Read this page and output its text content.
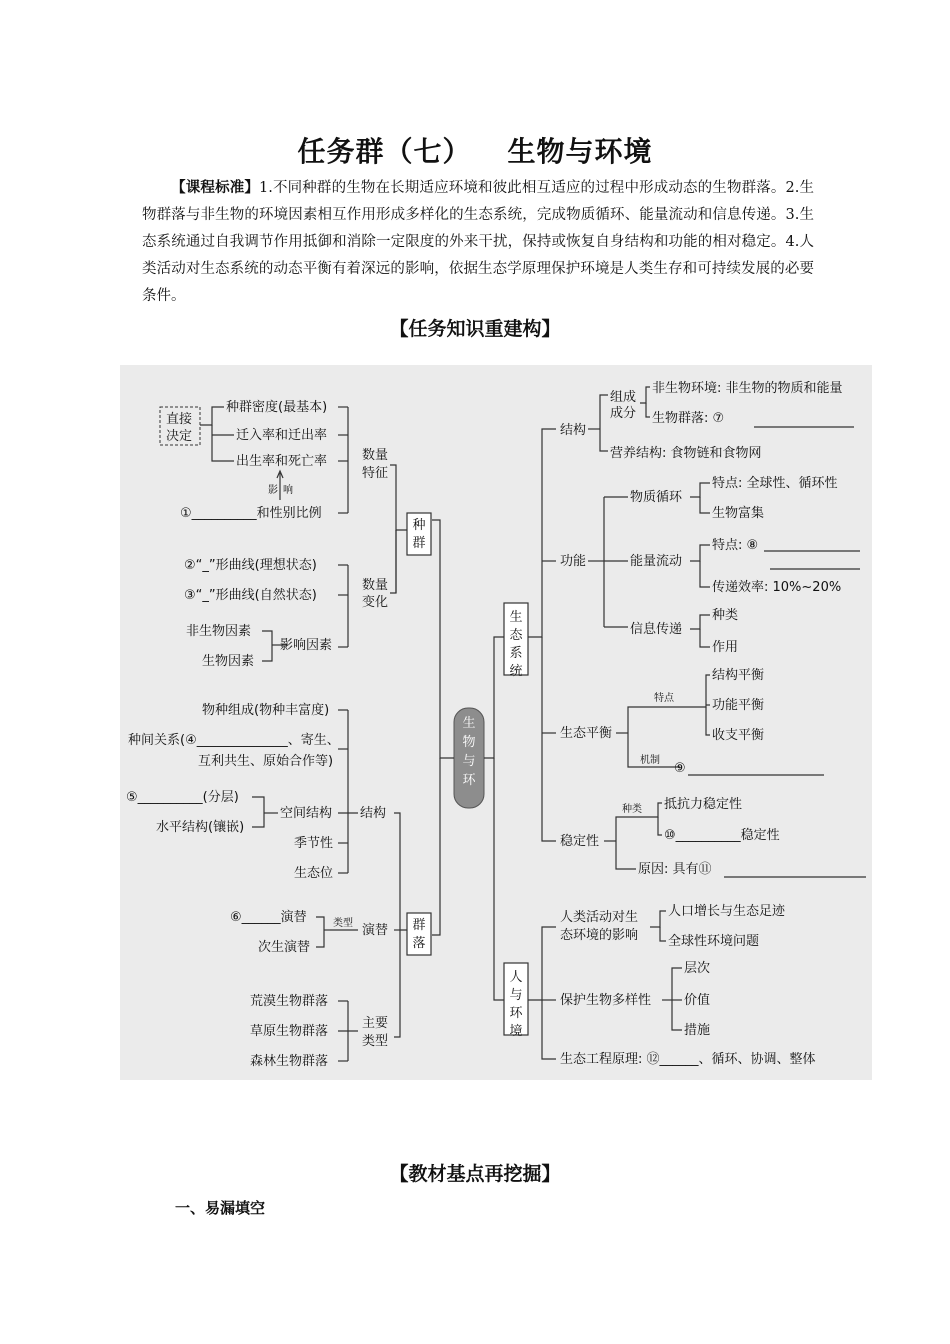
任务群（七） 生物与环境
【课程标准】1.不同种群的生物在长期适应环境和彼此相互适应的过程中形成动态的生物群落。2.生物群落与非生物的环境因素相互作用形成多样化的生态系统，完成物质循环、能量流动和信息传递。3.生态系统通过自我调节作用抵御和消除一定限度的外来干扰，保持或恢复自身结构和功能的相对稳定。4.人类活动对生态系统的动态平衡有着深远的影响，依据生态学原理保护环境是人类生存和可持续发展的必要条件。
【任务知识重建构】
生
物
与
环
种
群
数量
种群密度(最基本)
迁入率和迁出率
出生率和死亡率
①__________和性别比例
直接
决定
影 响
②“_”形曲线(理想状态)
③“_”形曲线(自然状态)
非生物因素
生物因素
影响因素
群
落
结构
物种组成(物种丰富度)
种间关系(④______________、寄生、
互利共生、原始合作等)
⑤__________(分层)
水平结构(镶嵌)
空间结构
季节性
生态位
演替
类型
⑥______演替
次生演替
主要
类型
荒漠生物群落
草原生物群落
森林生物群落
生
态
系
统
结构
组成
成分
非生物环境: 非生物的物质和能量
生物群落: ⑦
营养结构: 食物链和食物网
功能
物质循环
特点: 全球性、循环性
生物富集
能量流动
特点: ⑧
传递效率: 10%~20%
信息传递
种类
作用
生态平衡
特点
机制
结构平衡
功能平衡
收支平衡
⑨
稳定性
种类 抵抗力稳定性
⑩__________稳定性
原因: 具有⑪
人
与
环
境
人类活动对生
态环境的影响
人口增长与生态足迹
全球性环境问题
保护生物多样性
层次
价值
措施
生态工程原理: ⑫______、循环、协调、整体
特征
数量
变化
【教材基点再挖掘】
一、易漏填空
